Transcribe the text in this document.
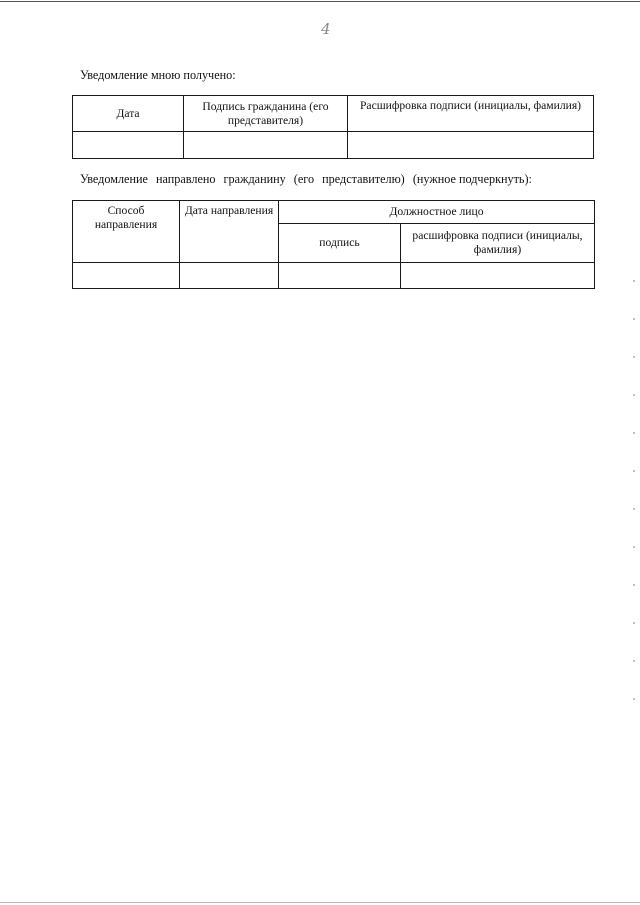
4
Уведомление мною получено:
Дата	Подпись гражданина (его представителя)	Расшифровка подписи (инициалы, фамилия)

Уведомление направлено гражданину (его представителю) (нужное подчеркнуть):
Способ направления	Дата направления	Должностное лицо	
		подпись	расшифровка подписи (инициалы, фамилия)
